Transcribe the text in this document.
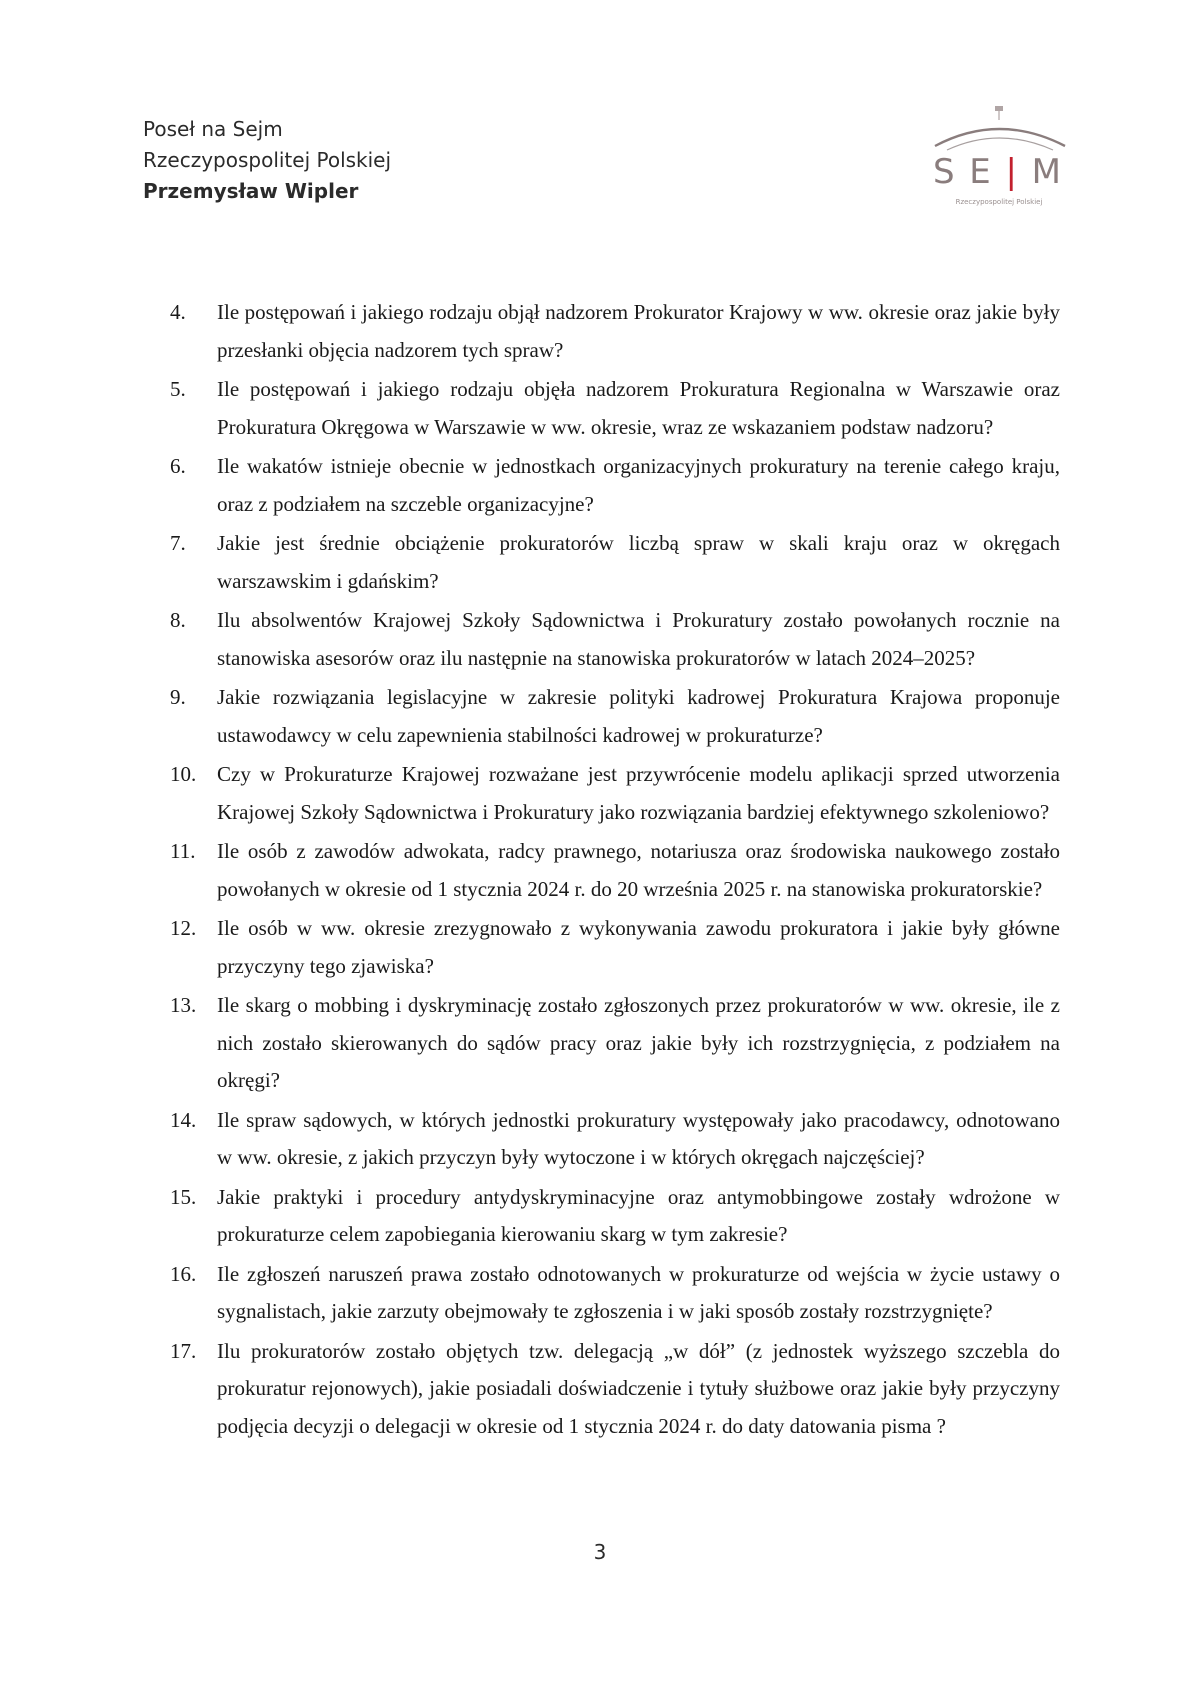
Poseł na Sejm
Rzeczypospolitej Polskiej
Przemysław Wipler	S E | M
Rzeczypospolitej Polskiej
4.	Ile postępowań i jakiego rodzaju objął nadzorem Prokurator Krajowy w ww. okresie oraz jakie były przesłanki objęcia nadzorem tych spraw?
5.	Ile postępowań i jakiego rodzaju objęła nadzorem Prokuratura Regionalna w Warszawie oraz Prokuratura Okręgowa w Warszawie w ww. okresie, wraz ze wskazaniem podstaw nadzoru?
6.	Ile wakatów istnieje obecnie w jednostkach organizacyjnych prokuratury na terenie całego kraju, oraz z podziałem na szczeble organizacyjne?
7.	Jakie jest średnie obciążenie prokuratorów liczbą spraw w skali kraju oraz w okręgach warszawskim i gdańskim?
8.	Ilu absolwentów Krajowej Szkoły Sądownictwa i Prokuratury zostało powołanych rocznie na stanowiska asesorów oraz ilu następnie na stanowiska prokuratorów w latach 2024–2025?
9.	Jakie rozwiązania legislacyjne w zakresie polityki kadrowej Prokuratura Krajowa proponuje ustawodawcy w celu zapewnienia stabilności kadrowej w prokuraturze?
10. Czy w Prokuraturze Krajowej rozważane jest przywrócenie modelu aplikacji sprzed utworzenia Krajowej Szkoły Sądownictwa i Prokuratury jako rozwiązania bardziej efektywnego szkoleniowo?
11.	Ile osób z zawodów adwokata, radcy prawnego, notariusza oraz środowiska naukowego zostało powołanych w okresie od 1 stycznia 2024 r. do 20 września 2025 r. na stanowiska prokuratorskie?
12. Ile osób w ww. okresie zrezygnowało z wykonywania zawodu prokuratora i jakie były główne przyczyny tego zjawiska?
13. Ile skarg o mobbing i dyskryminację zostało zgłoszonych przez prokuratorów w ww. okresie, ile z nich zostało skierowanych do sądów pracy oraz jakie były ich rozstrzygnięcia, z podziałem na okręgi?
14. Ile spraw sądowych, w których jednostki prokuratury występowały jako pracodawcy, odnotowano w ww. okresie, z jakich przyczyn były wytoczone i w których okręgach najczęściej?
15. Jakie praktyki i procedury antydyskryminacyjne oraz antymobbingowe zostały wdrożone w prokuraturze celem zapobiegania kierowaniu skarg w tym zakresie?
16. Ile zgłoszeń naruszeń prawa zostało odnotowanych w prokuraturze od wejścia w życie ustawy o sygnalistach, jakie zarzuty obejmowały te zgłoszenia i w jaki sposób zostały rozstrzygnięte?
17. Ilu prokuratorów zostało objętych tzw. delegacją „w dół” (z jednostek wyższego szczebla do prokuratur rejonowych), jakie posiadali doświadczenie i tytuły służbowe oraz jakie były przyczyny podjęcia decyzji o delegacji w okresie od 1 stycznia 2024 r. do daty datowania pisma ?
3
